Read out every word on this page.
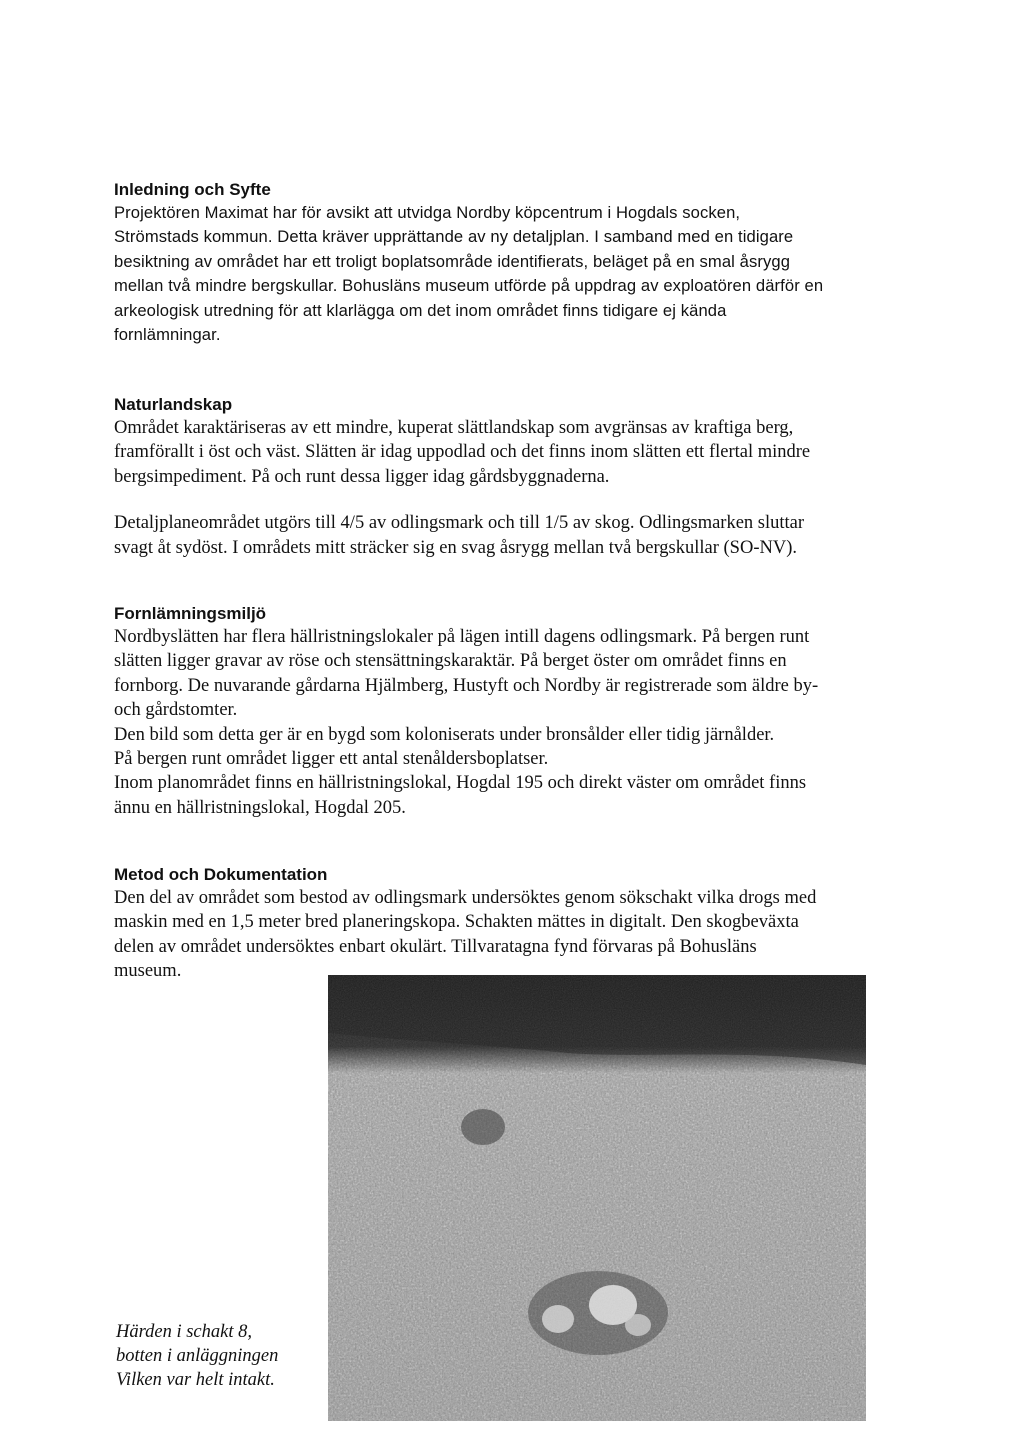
Inledning och Syfte

Projektören Maximat har för avsikt att utvidga Nordby köpcentrum i Hogdals socken,
Strömstads kommun. Detta kräver upprättande av ny detaljplan. I samband med en tidigare
besiktning av området har ett troligt boplatsområde identifierats, beläget på en smal åsrygg
mellan två mindre bergskullar. Bohusläns museum utförde på uppdrag av exploatören därför en
arkeologisk utredning för att klarlägga om det inom området finns tidigare ej kända
fornlämningar.

Naturlandskap

Området karaktäriseras av ett mindre, kuperat slättlandskap som avgränsas av kraftiga berg,
framförallt i öst och väst. Slätten är idag uppodlad och det finns inom slätten ett flertal mindre
bergsimpediment. På och runt dessa ligger idag gårdsbyggnaderna.

Detaljplaneområdet utgörs till 4/5 av odlingsmark och till 1/5 av skog. Odlingsmarken sluttar
svagt åt sydöst. I områdets mitt sträcker sig en svag åsrygg mellan två bergskullar (SO-NV).

Fornlämningsmiljö

Nordbyslätten har flera hällristningslokaler på lägen intill dagens odlingsmark. På bergen runt
slätten ligger gravar av röse och stensättningskaraktär. På berget öster om området finns en
fornborg. De nuvarande gårdarna Hjälmberg, Hustyft och Nordby är registrerade som äldre by-
och gårdstomter.
Den bild som detta ger är en bygd som koloniserats under bronsålder eller tidig järnålder.
På bergen runt området ligger ett antal stenåldersboplatser.
Inom planområdet finns en hällristningslokal, Hogdal 195 och direkt väster om området finns
ännu en hällristningslokal, Hogdal 205.

Metod och Dokumentation

Den del av området som bestod av odlingsmark undersöktes genom sökschakt vilka drogs med
maskin med en 1,5 meter bred planeringskopa. Schakten mättes in digitalt. Den skogbeväxta
delen av området undersöktes enbart okulärt. Tillvaratagna fynd förvaras på Bohusläns
museum.

Härden i schakt 8,
botten i anläggningen
Vilken var helt intakt.
